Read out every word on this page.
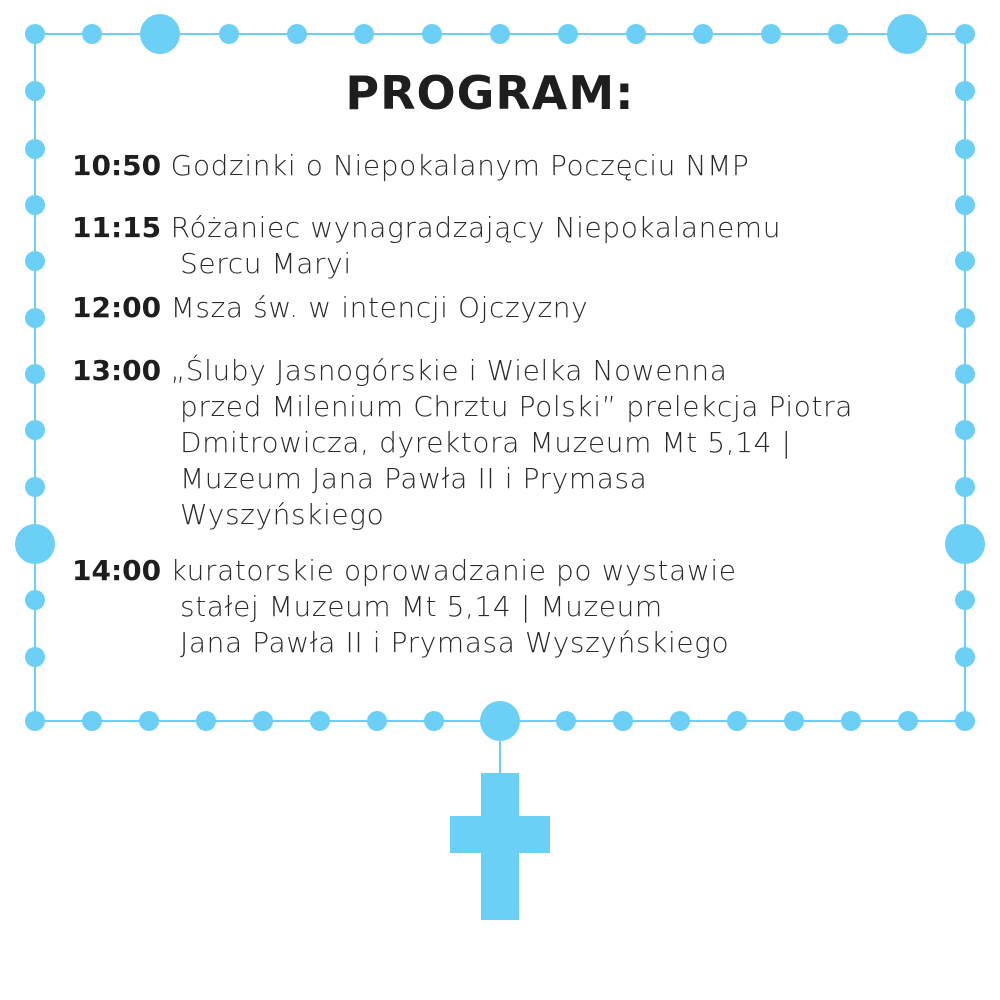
PROGRAM:
10:50 Godzinki o Niepokalanym Poczęciu NMP
11:15 Różaniec wynagradzający Niepokalanemu
Sercu Maryi
12:00 Msza św. w intencji Ojczyzny
13:00 „Śluby Jasnogórskie i Wielka Nowenna
przed Milenium Chrztu Polski” prelekcja Piotra
Dmitrowicza, dyrektora Muzeum Mt 5,14 |
Muzeum Jana Pawła II i Prymasa
Wyszyńskiego
14:00 kuratorskie oprowadzanie po wystawie
stałej Muzeum Mt 5,14 | Muzeum
Jana Pawła II i Prymasa Wyszyńskiego
